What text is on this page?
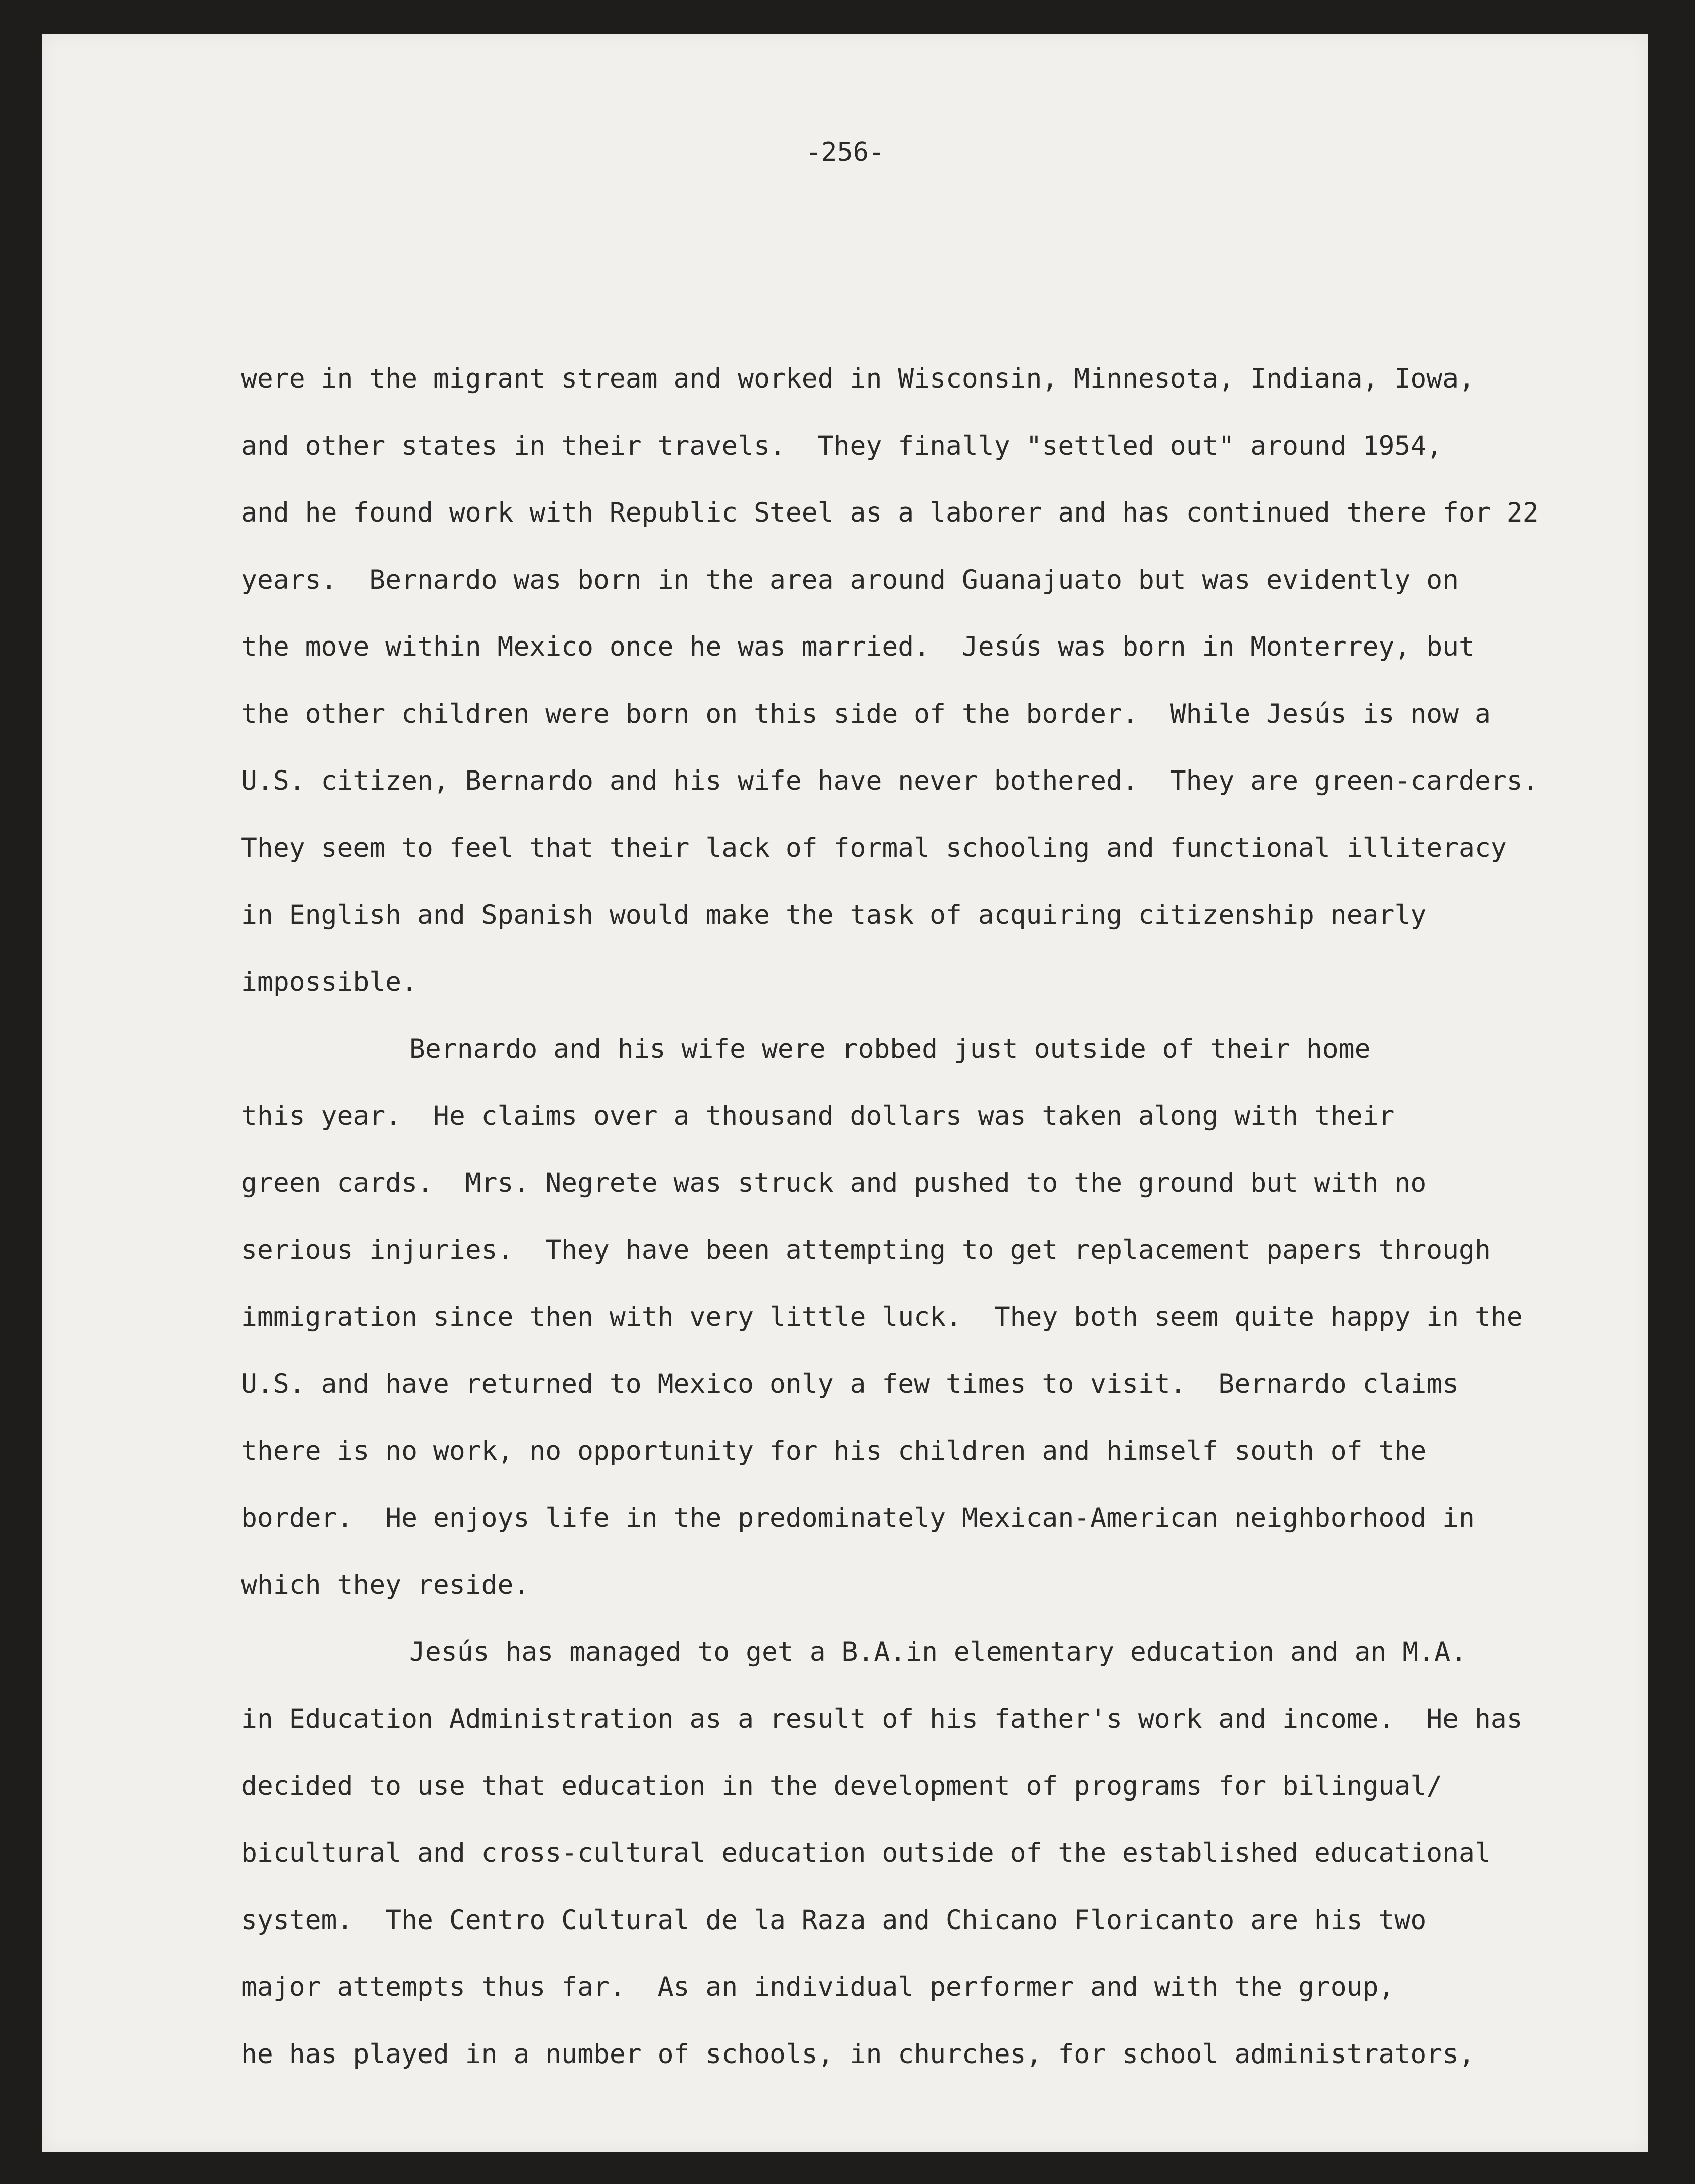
-256-
were in the migrant stream and worked in Wisconsin, Minnesota, Indiana, Iowa,
and other states in their travels.  They finally "settled out" around 1954,
and he found work with Republic Steel as a laborer and has continued there for 22
years.  Bernardo was born in the area around Guanajuato but was evidently on
the move within Mexico once he was married.  Jesús was born in Monterrey, but
the other children were born on this side of the border.  While Jesús is now a
U.S. citizen, Bernardo and his wife have never bothered.  They are green-carders.
They seem to feel that their lack of formal schooling and functional illiteracy
in English and Spanish would make the task of acquiring citizenship nearly
impossible.
Bernardo and his wife were robbed just outside of their home
this year.  He claims over a thousand dollars was taken along with their
green cards.  Mrs. Negrete was struck and pushed to the ground but with no
serious injuries.  They have been attempting to get replacement papers through
immigration since then with very little luck.  They both seem quite happy in the
U.S. and have returned to Mexico only a few times to visit.  Bernardo claims
there is no work, no opportunity for his children and himself south of the
border.  He enjoys life in the predominately Mexican-American neighborhood in
which they reside.
Jesús has managed to get a B.A.in elementary education and an M.A.
in Education Administration as a result of his father's work and income.  He has
decided to use that education in the development of programs for bilingual/
bicultural and cross-cultural education outside of the established educational
system.  The Centro Cultural de la Raza and Chicano Floricanto are his two
major attempts thus far.  As an individual performer and with the group,
he has played in a number of schools, in churches, for school administrators,
